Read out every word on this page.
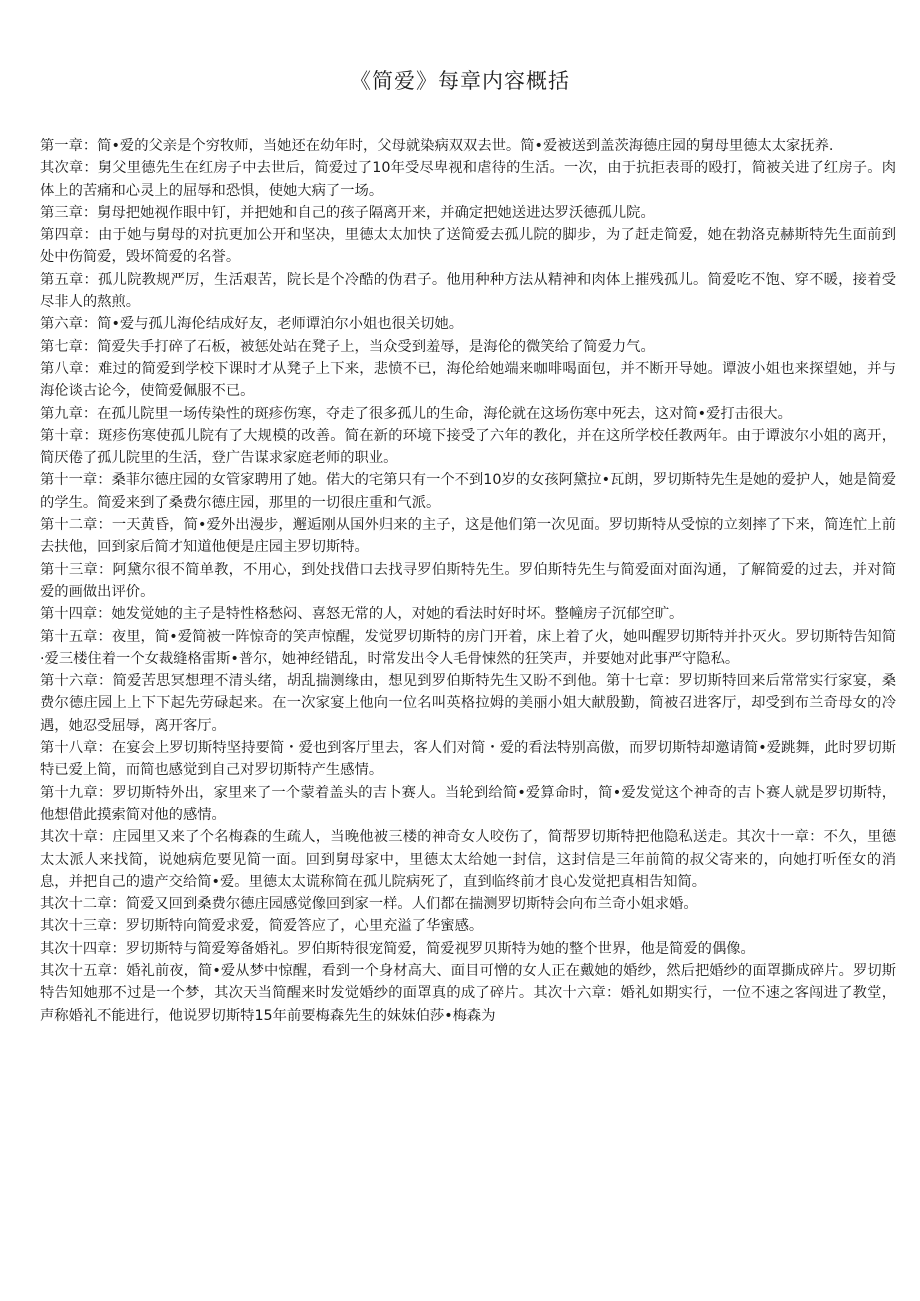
《简爱》每章内容概括

第一章：简•爱的父亲是个穷牧师，当她还在幼年时，父母就染病双双去世。简•爱被送到盖茨海德庄园的舅母里德太太家抚养.

其次章：舅父里德先生在红房子中去世后，简爱过了10年受尽卑视和虐待的生活。一次，由于抗拒表哥的殴打，简被关进了红房子。肉体上的苦痛和心灵上的屈辱和恐惧，使她大病了一场。

第三章：舅母把她视作眼中钉，并把她和自己的孩子隔离开来，并确定把她送进达罗沃德孤儿院。

第四章：由于她与舅母的对抗更加公开和坚决，里德太太加快了送简爱去孤儿院的脚步，为了赶走简爱，她在勃洛克赫斯特先生面前到处中伤简爱，毁坏简爱的名誉。

第五章：孤儿院教规严厉，生活艰苦，院长是个冷酷的伪君子。他用种种方法从精神和肉体上摧残孤儿。简爱吃不饱、穿不暖，接着受尽非人的熬煎。

第六章：简•爱与孤儿海伦结成好友，老师谭泊尔小姐也很关切她。

第七章：简爱失手打碎了石板，被惩处站在凳子上，当众受到羞辱，是海伦的微笑给了简爱力气。

第八章：难过的简爱到学校下课时才从凳子上下来，悲愤不已，海伦给她端来咖啡喝面包，并不断开导她。谭波小姐也来探望她，并与海伦谈古论今，使简爱佩服不已。

第九章：在孤儿院里一场传染性的斑疹伤寒，夺走了很多孤儿的生命，海伦就在这场伤寒中死去，这对简•爱打击很大。

第十章：斑疹伤寒使孤儿院有了大规模的改善。简在新的环境下接受了六年的教化，并在这所学校任教两年。由于谭波尔小姐的离开，简厌倦了孤儿院里的生活，登广告谋求家庭老师的职业。

第十一章：桑菲尔德庄园的女管家聘用了她。偌大的宅第只有一个不到10岁的女孩阿黛拉•瓦朗，罗切斯特先生是她的爱护人，她是简爱的学生。简爱来到了桑费尔德庄园，那里的一切很庄重和气派。

第十二章：一天黄昏，简•爱外出漫步，邂逅刚从国外归来的主子，这是他们第一次见面。罗切斯特从受惊的立刻摔了下来，简连忙上前去扶他，回到家后简才知道他便是庄园主罗切斯特。

第十三章：阿黛尔很不简单教，不用心，到处找借口去找寻罗伯斯特先生。罗伯斯特先生与简爱面对面沟通，了解简爱的过去，并对简爱的画做出评价。

第十四章：她发觉她的主子是特性格愁闷、喜怒无常的人，对她的看法时好时坏。整幢房子沉郁空旷。

第十五章：夜里，简•爱简被一阵惊奇的笑声惊醒，发觉罗切斯特的房门开着，床上着了火，她叫醒罗切斯特并扑灭火。罗切斯特告知简·爱三楼住着一个女裁缝格雷斯•普尔，她神经错乱，时常发出令人毛骨悚然的狂笑声，并要她对此事严守隐私。

第十六章：简爱苦思冥想理不清头绪，胡乱揣测缘由，想见到罗伯斯特先生又盼不到他。第十七章：罗切斯特回来后常常实行家宴，桑费尔德庄园上上下下起先劳碌起来。在一次家宴上他向一位名叫英格拉姆的美丽小姐大献殷勤，简被召进客厅，却受到布兰奇母女的冷遇，她忍受屈辱，离开客厅。

第十八章：在宴会上罗切斯特坚持要简・爱也到客厅里去，客人们对简・爱的看法特别高傲，而罗切斯特却邀请简•爱跳舞，此时罗切斯特已爱上简，而简也感觉到自己对罗切斯特产生感情。

第十九章：罗切斯特外出，家里来了一个蒙着盖头的吉卜赛人。当轮到给简•爱算命时，简•爱发觉这个神奇的吉卜赛人就是罗切斯特，他想借此摸索简对他的感情。

其次十章：庄园里又来了个名梅森的生疏人，当晚他被三楼的神奇女人咬伤了，简帮罗切斯特把他隐私送走。其次十一章：不久，里德太太派人来找简，说她病危要见简一面。回到舅母家中，里德太太给她一封信，这封信是三年前简的叔父寄来的，向她打听侄女的消息，并把自己的遗产交给简•爱。里德太太谎称简在孤儿院病死了，直到临终前才良心发觉把真相告知简。

其次十二章：简爱又回到桑费尔德庄园感觉像回到家一样。人们都在揣测罗切斯特会向布兰奇小姐求婚。

其次十三章：罗切斯特向简爱求爱，简爱答应了，心里充溢了华蜜感。

其次十四章：罗切斯特与简爱筹备婚礼。罗伯斯特很宠简爱，简爱视罗贝斯特为她的整个世界，他是简爱的偶像。

其次十五章：婚礼前夜，简•爱从梦中惊醒，看到一个身材高大、面目可憎的女人正在戴她的婚纱，然后把婚纱的面罩撕成碎片。罗切斯特告知她那不过是一个梦，其次天当简醒来时发觉婚纱的面罩真的成了碎片。其次十六章：婚礼如期实行，一位不速之客闯进了教堂，声称婚礼不能进行，他说罗切斯特15年前要梅森先生的妹妹伯莎•梅森为
